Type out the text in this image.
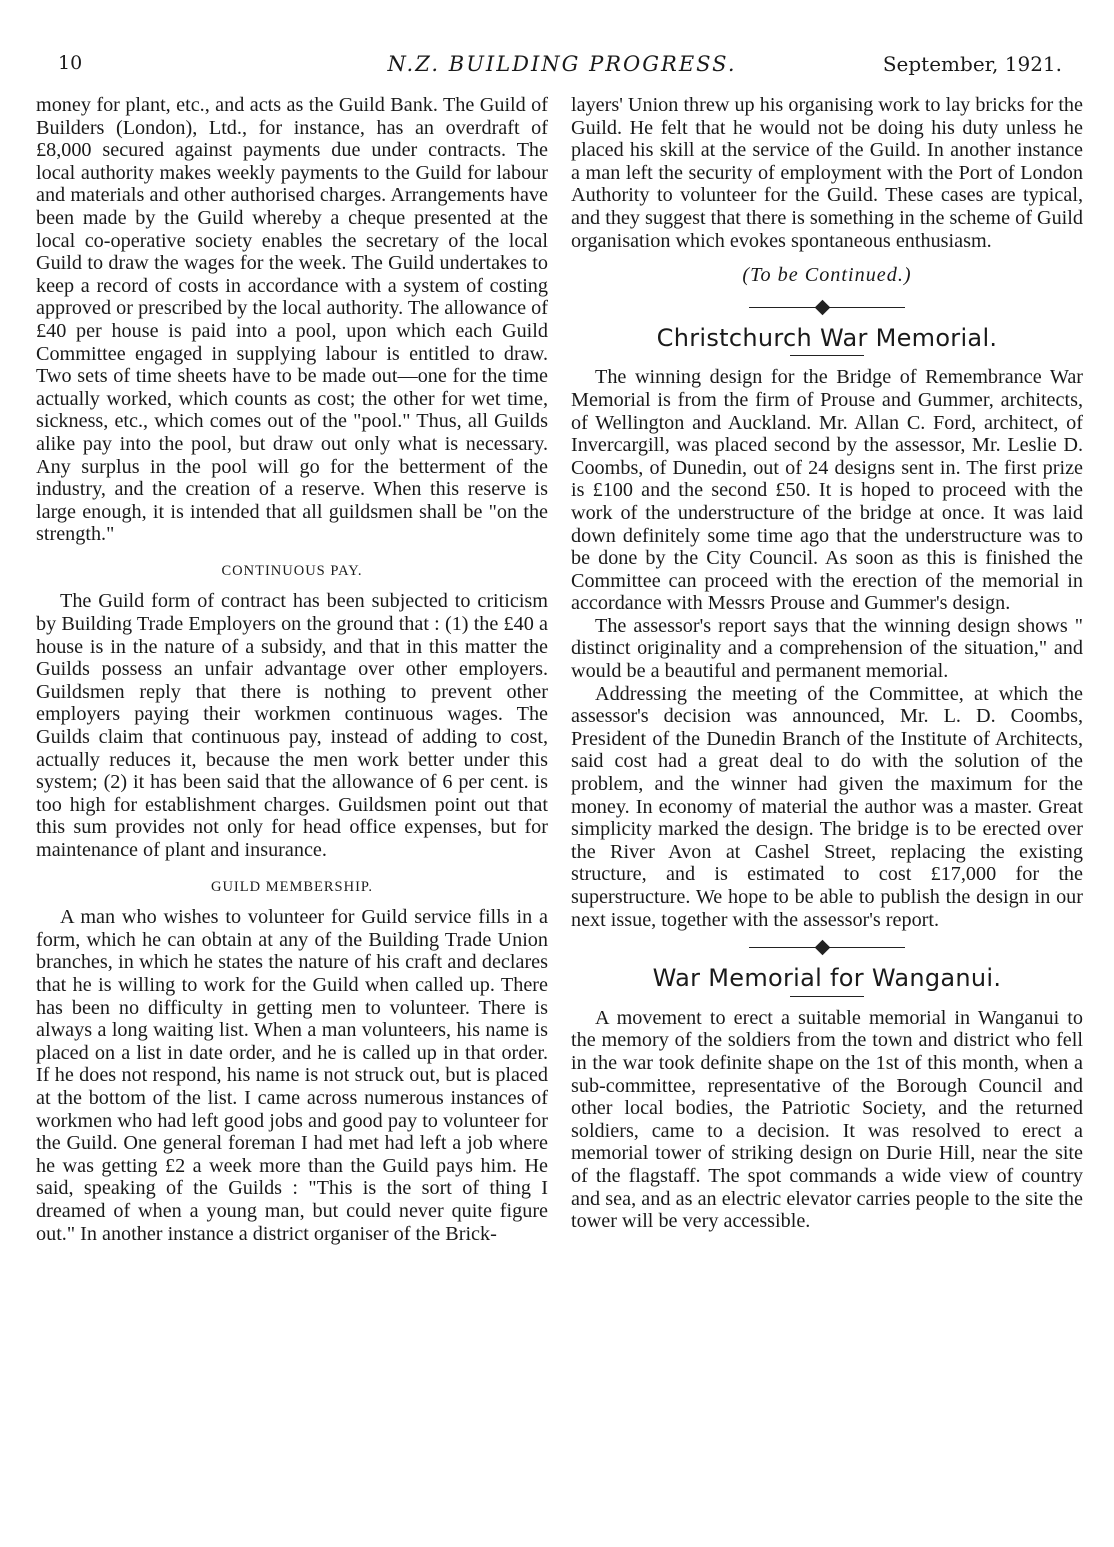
10	N.Z. BUILDING PROGRESS.	September, 1921.

money for plant, etc., and acts as the Guild Bank. The Guild of Builders (London), Ltd., for instance, has an overdraft of £8,000 secured against payments due under contracts. The local authority makes weekly payments to the Guild for labour and materials and other authorised charges. Arrangements have been made by the Guild whereby a cheque presented at the local co-operative society enables the secretary of the local Guild to draw the wages for the week. The Guild undertakes to keep a record of costs in accordance with a system of costing approved or prescribed by the local authority. The allowance of £40 per house is paid into a pool, upon which each Guild Committee engaged in supplying labour is entitled to draw. Two sets of time sheets have to be made out—one for the time actually worked, which counts as cost; the other for wet time, sickness, etc., which comes out of the "pool." Thus, all Guilds alike pay into the pool, but draw out only what is necessary. Any surplus in the pool will go for the betterment of the industry, and the creation of a reserve. When this reserve is large enough, it is intended that all guildsmen shall be "on the strength."

CONTINUOUS PAY.

The Guild form of contract has been subjected to criticism by Building Trade Employers on the ground that : (1) the £40 a house is in the nature of a subsidy, and that in this matter the Guilds possess an unfair advantage over other employers. Guildsmen reply that there is nothing to prevent other employers paying their workmen continuous wages. The Guilds claim that continuous pay, instead of adding to cost, actually reduces it, because the men work better under this system; (2) it has been said that the allowance of 6 per cent. is too high for establishment charges. Guildsmen point out that this sum provides not only for head office expenses, but for maintenance of plant and insurance.

GUILD MEMBERSHIP.

A man who wishes to volunteer for Guild service fills in a form, which he can obtain at any of the Building Trade Union branches, in which he states the nature of his craft and declares that he is willing to work for the Guild when called up. There has been no difficulty in getting men to volunteer. There is always a long waiting list. When a man volunteers, his name is placed on a list in date order, and he is called up in that order. If he does not respond, his name is not struck out, but is placed at the bottom of the list. I came across numerous instances of workmen who had left good jobs and good pay to volunteer for the Guild. One general foreman I had met had left a job where he was getting £2 a week more than the Guild pays him. He said, speaking of the Guilds : "This is the sort of thing I dreamed of when a young man, but could never quite figure out." In another instance a district organiser of the Brick-

layers' Union threw up his organising work to lay bricks for the Guild. He felt that he would not be doing his duty unless he placed his skill at the service of the Guild. In another instance a man left the security of employment with the Port of London Authority to volunteer for the Guild. These cases are typical, and they suggest that there is something in the scheme of Guild organisation which evokes spontaneous enthusiasm.

(To be Continued.)
Christchurch War Memorial.

The winning design for the Bridge of Remembrance War Memorial is from the firm of Prouse and Gummer, architects, of Wellington and Auckland. Mr. Allan C. Ford, architect, of Invercargill, was placed second by the assessor, Mr. Leslie D. Coombs, of Dunedin, out of 24 designs sent in. The first prize is £100 and the second £50. It is hoped to proceed with the work of the understructure of the bridge at once. It was laid down definitely some time ago that the understructure was to be done by the City Council. As soon as this is finished the Committee can proceed with the erection of the memorial in accordance with Messrs Prouse and Gummer's design.

The assessor's report says that the winning design shows " distinct originality and a comprehension of the situation," and would be a beautiful and permanent memorial.

Addressing the meeting of the Committee, at which the assessor's decision was announced, Mr. L. D. Coombs, President of the Dunedin Branch of the Institute of Architects, said cost had a great deal to do with the solution of the problem, and the winner had given the maximum for the money. In economy of material the author was a master. Great simplicity marked the design. The bridge is to be erected over the River Avon at Cashel Street, replacing the existing structure, and is estimated to cost £17,000 for the superstructure. We hope to be able to publish the design in our next issue, together with the assessor's report.

War Memorial for Wanganui.

A movement to erect a suitable memorial in Wanganui to the memory of the soldiers from the town and district who fell in the war took definite shape on the 1st of this month, when a sub-committee, representative of the Borough Council and other local bodies, the Patriotic Society, and the returned soldiers, came to a decision. It was resolved to erect a memorial tower of striking design on Durie Hill, near the site of the flagstaff. The spot commands a wide view of country and sea, and as an electric elevator carries people to the site the tower will be very accessible.
